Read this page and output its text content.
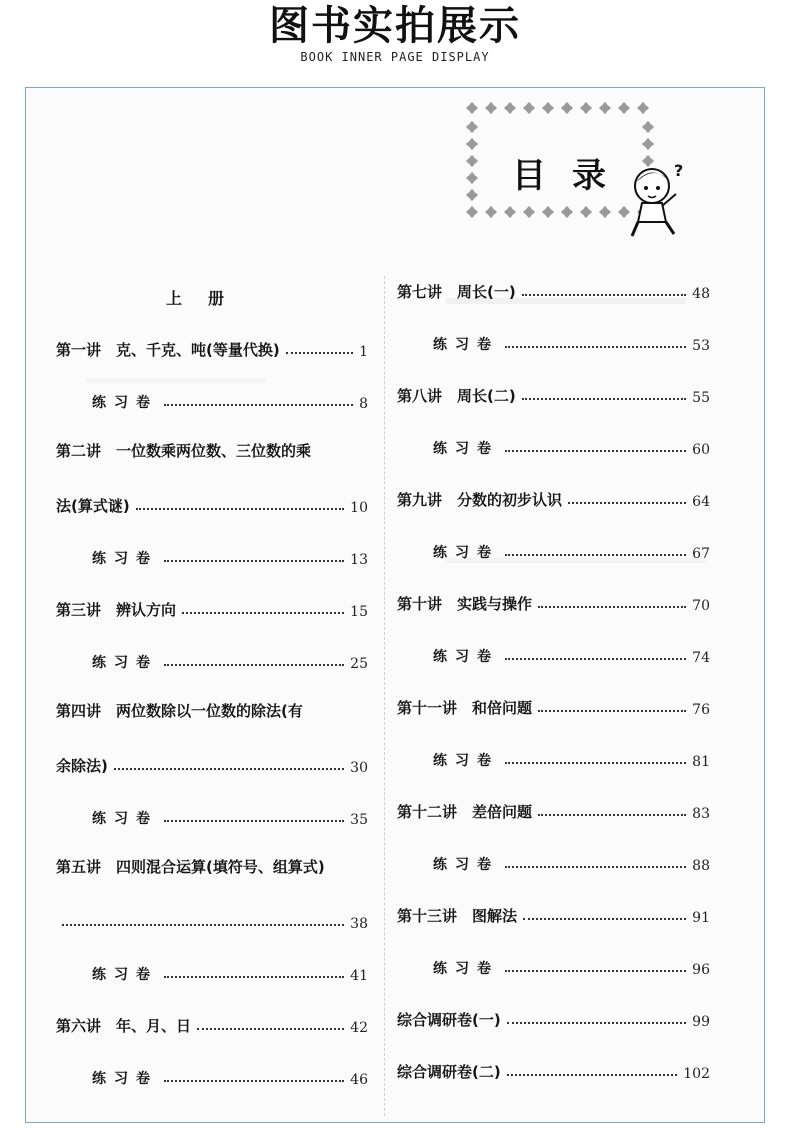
图书实拍展示
BOOK INNER PAGE DISPLAY
目录	?
上册
第一讲　克、千克、吨(等量代换)	1
练习卷	8
第二讲　一位数乘两位数、三位数的乘
法(算式谜)	10
练习卷	13
第三讲　辨认方向	15
练习卷	25
第四讲　两位数除以一位数的除法(有
余除法)	30
练习卷	35
第五讲　四则混合运算(填符号、组算式)
38
练习卷	41
第六讲　年、月、日	42
练习卷	46
第七讲　周长(一)	48
练习卷	53
第八讲　周长(二)	55
练习卷	60
第九讲　分数的初步认识	64
练习卷	67
第十讲　实践与操作	70
练习卷	74
第十一讲　和倍问题	76
练习卷	81
第十二讲　差倍问题	83
练习卷	88
第十三讲　图解法	91
练习卷	96
综合调研卷(一)	99
综合调研卷(二)	102
